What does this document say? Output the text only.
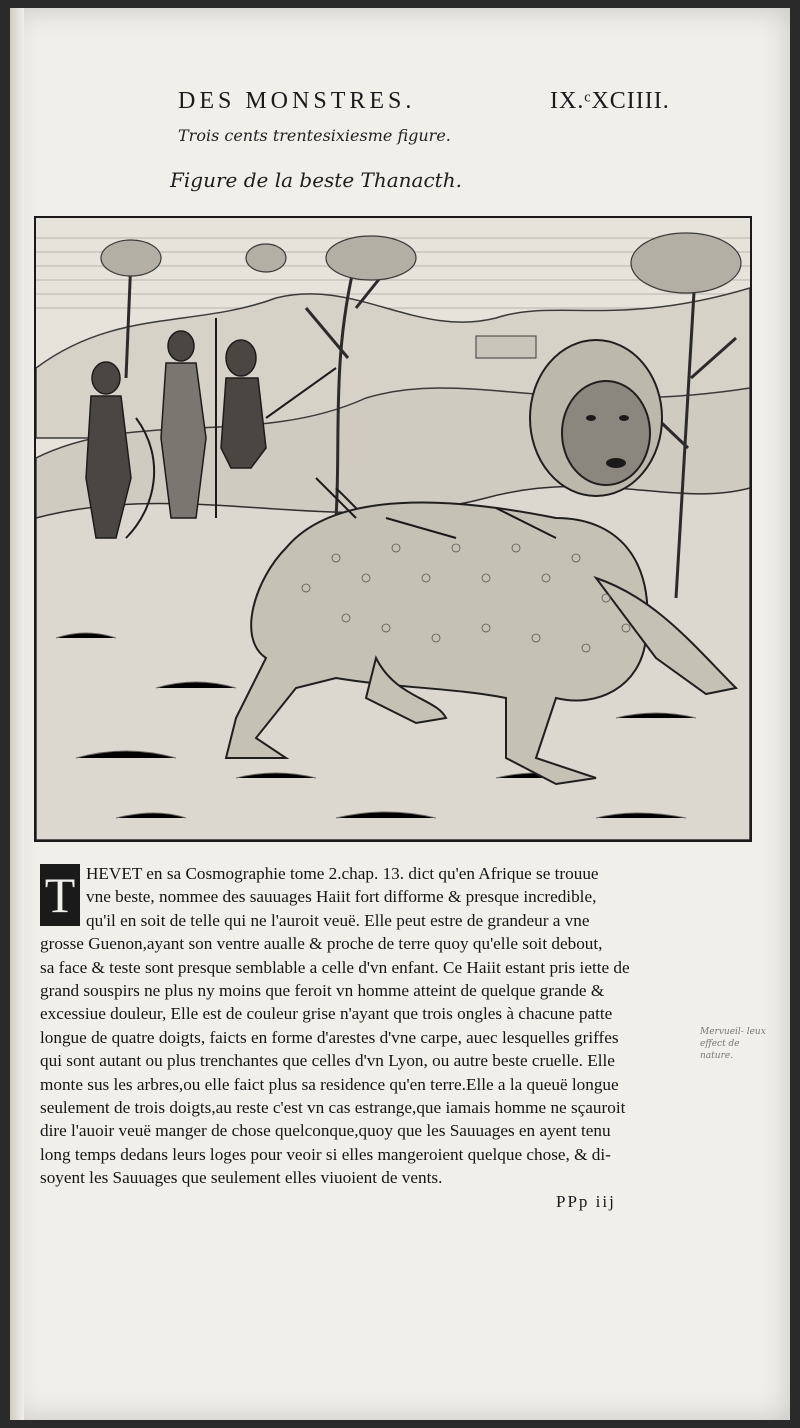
DES MONSTRES.	IX.ᶜXCIIII.
Trois cents trentesixiesme figure.
Figure de la beste Thanacth.
T HEVET en sa Cosmographie tome 2.chap. 13. dict qu'en Afrique se trouue
vne beste, nommee des sauuages Haiit fort difforme & presque incredible,
qu'il en soit de telle qui ne l'auroit veuë. Elle peut estre de grandeur a vne
grosse Guenon,ayant son ventre aualle & proche de terre quoy qu'elle soit debout,
sa face & teste sont presque semblable a celle d'vn enfant. Ce Haiit estant pris iette de
grand souspirs ne plus ny moins que feroit vn homme atteint de quelque grande &
excessiue douleur, Elle est de couleur grise n'ayant que trois ongles à chacune patte
longue de quatre doigts, faicts en forme d'arestes d'vne carpe, auec lesquelles griffes
qui sont autant ou plus trenchantes que celles d'vn Lyon, ou autre beste cruelle. Elle
monte sus les arbres,ou elle faict plus sa residence qu'en terre.Elle a la queuë longue
seulement de trois doigts,au reste c'est vn cas estrange,que iamais homme ne sçauroit
dire l'auoir veuë manger de chose quelconque,quoy que les Sauuages en ayent tenu
long temps dedans leurs loges pour veoir si elles mangeroient quelque chose, & di-
soyent les Sauuages que seulement elles viuoient de vents.
Mervueil- leux effect de nature.
PPp iij
